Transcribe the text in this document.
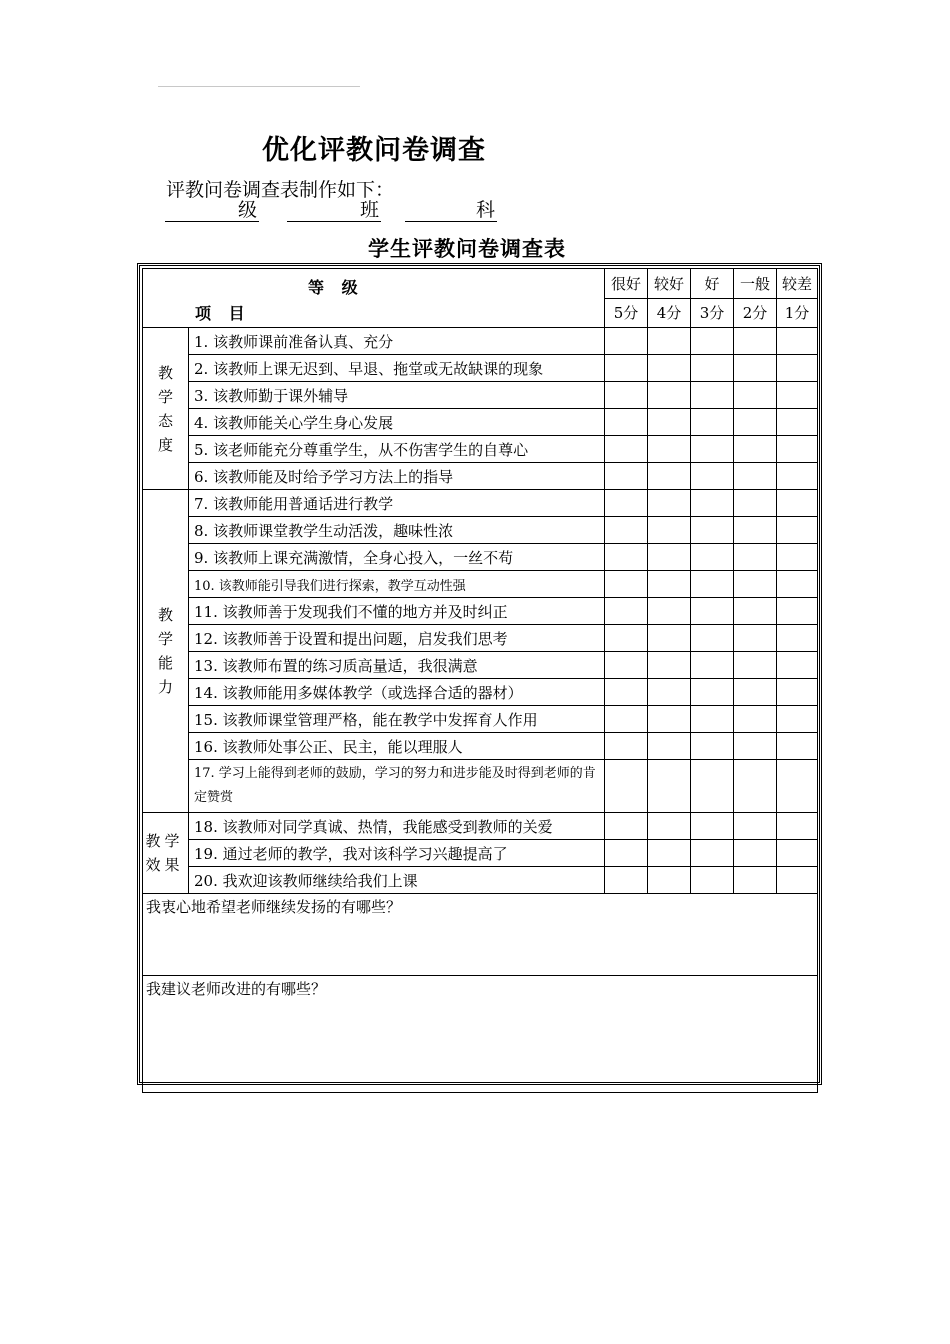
优化评教问卷调查
评教问卷调查表制作如下：
级	班	科
学生评教问卷调查表
等 级
项 目		很好	较好	好	一般	较差
		5分	4分	3分	2分	1分
教学态度	1. 该教师课前准备认真、充分					
	2. 该教师上课无迟到、早退、拖堂或无故缺课的现象					
	3. 该教师勤于课外辅导					
	4. 该教师能关心学生身心发展					
	5. 该老师能充分尊重学生，从不伤害学生的自尊心					
	6. 该教师能及时给予学习方法上的指导					
教学能力	7. 该教师能用普通话进行教学					
	8. 该教师课堂教学生动活泼，趣味性浓					
	9. 该教师上课充满激情，全身心投入，一丝不苟					
	10. 该教师能引导我们进行探索，教学互动性强					
	11. 该教师善于发现我们不懂的地方并及时纠正					
	12. 该教师善于设置和提出问题，启发我们思考					
	13. 该教师布置的练习质高量适，我很满意					
	14. 该教师能用多媒体教学（或选择合适的器材）					
	15. 该教师课堂管理严格，能在教学中发挥育人作用					
	16. 该教师处事公正、民主，能以理服人					
	17. 学习上能得到老师的鼓励，学习的努力和进步能及时得到老师的肯定赞赏					
教学效果	18. 该教师对同学真诚、热情，我能感受到教师的关爱					
	19. 通过老师的教学，我对该科学习兴趣提高了					
	20. 我欢迎该教师继续给我们上课					
我衷心地希望老师继续发扬的有哪些？						
我建议老师改进的有哪些？						
